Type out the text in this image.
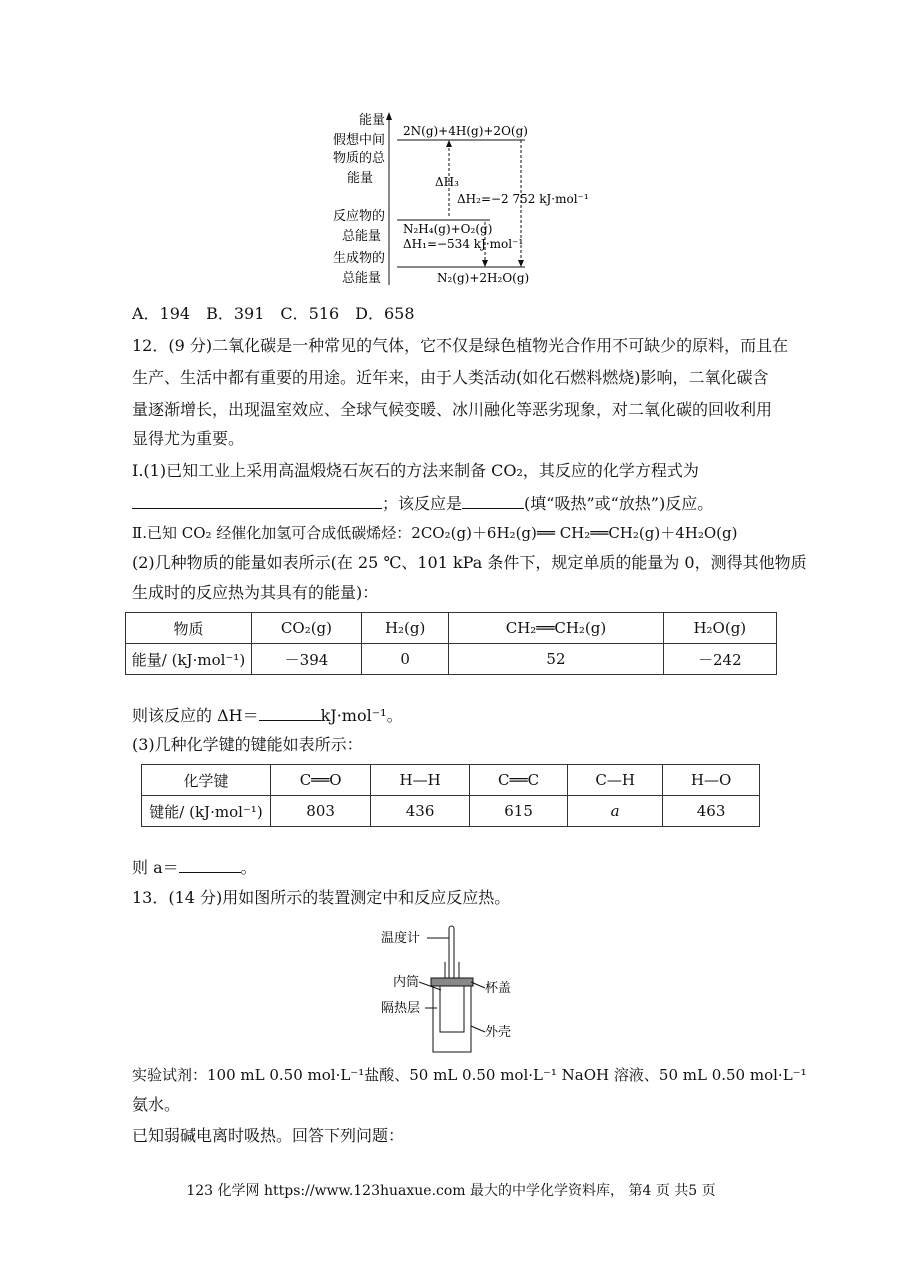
能量
假想中间
物质的总
能量
反应物的
总能量
生成物的
总能量
2N(g)+4H(g)+2O(g)
ΔH₃
ΔH₂=−2 752 kJ·mol⁻¹
N₂H₄(g)+O₂(g)
ΔH₁=−534 kJ·mol⁻¹
N₂(g)+2H₂O(g)
A．194　B．391　C．516　D．658
12．(9 分)二氧化碳是一种常见的气体，它不仅是绿色植物光合作用不可缺少的原料，而且在
生产、生活中都有重要的用途。近年来，由于人类活动(如化石燃料燃烧)影响，二氧化碳含
量逐渐增长，出现温室效应、全球气候变暖、冰川融化等恶劣现象，对二氧化碳的回收利用
显得尤为重要。
Ⅰ.(1)已知工业上采用高温煅烧石灰石的方法来制备 CO₂，其反应的化学方程式为
；该反应是	(填“吸热”或“放热”)反应。
Ⅱ.已知 CO₂ 经催化加氢可合成低碳烯烃：2CO₂(g)＋6H₂(g)══ CH₂══CH₂(g)＋4H₂O(g)
(2)几种物质的能量如表所示(在 25 ℃、101 kPa 条件下，规定单质的能量为 0，测得其他物质
生成时的反应热为其具有的能量)：
物质	CO₂(g)	H₂(g)	CH₂══CH₂(g)	H₂O(g)
能量/ (kJ·mol⁻¹)	－394	0	52	－242
则该反应的 ΔH＝	kJ·mol⁻¹。
(3)几种化学键的键能如表所示：
化学键	C══O	H—H	C══C	C—H	H—O
键能/ (kJ·mol⁻¹)	803	436	615	a	463
则 a＝	。
13．(14 分)用如图所示的装置测定中和反应反应热。
温度计
内筒
隔热层
杯盖
外壳
实验试剂：100 mL 0.50 mol·L⁻¹盐酸、50 mL 0.50 mol·L⁻¹ NaOH 溶液、50 mL 0.50 mol·L⁻¹
氨水。
已知弱碱电离时吸热。回答下列问题：
123 化学网 https://www.123huaxue.com 最大的中学化学资料库， 第4 页 共5 页
